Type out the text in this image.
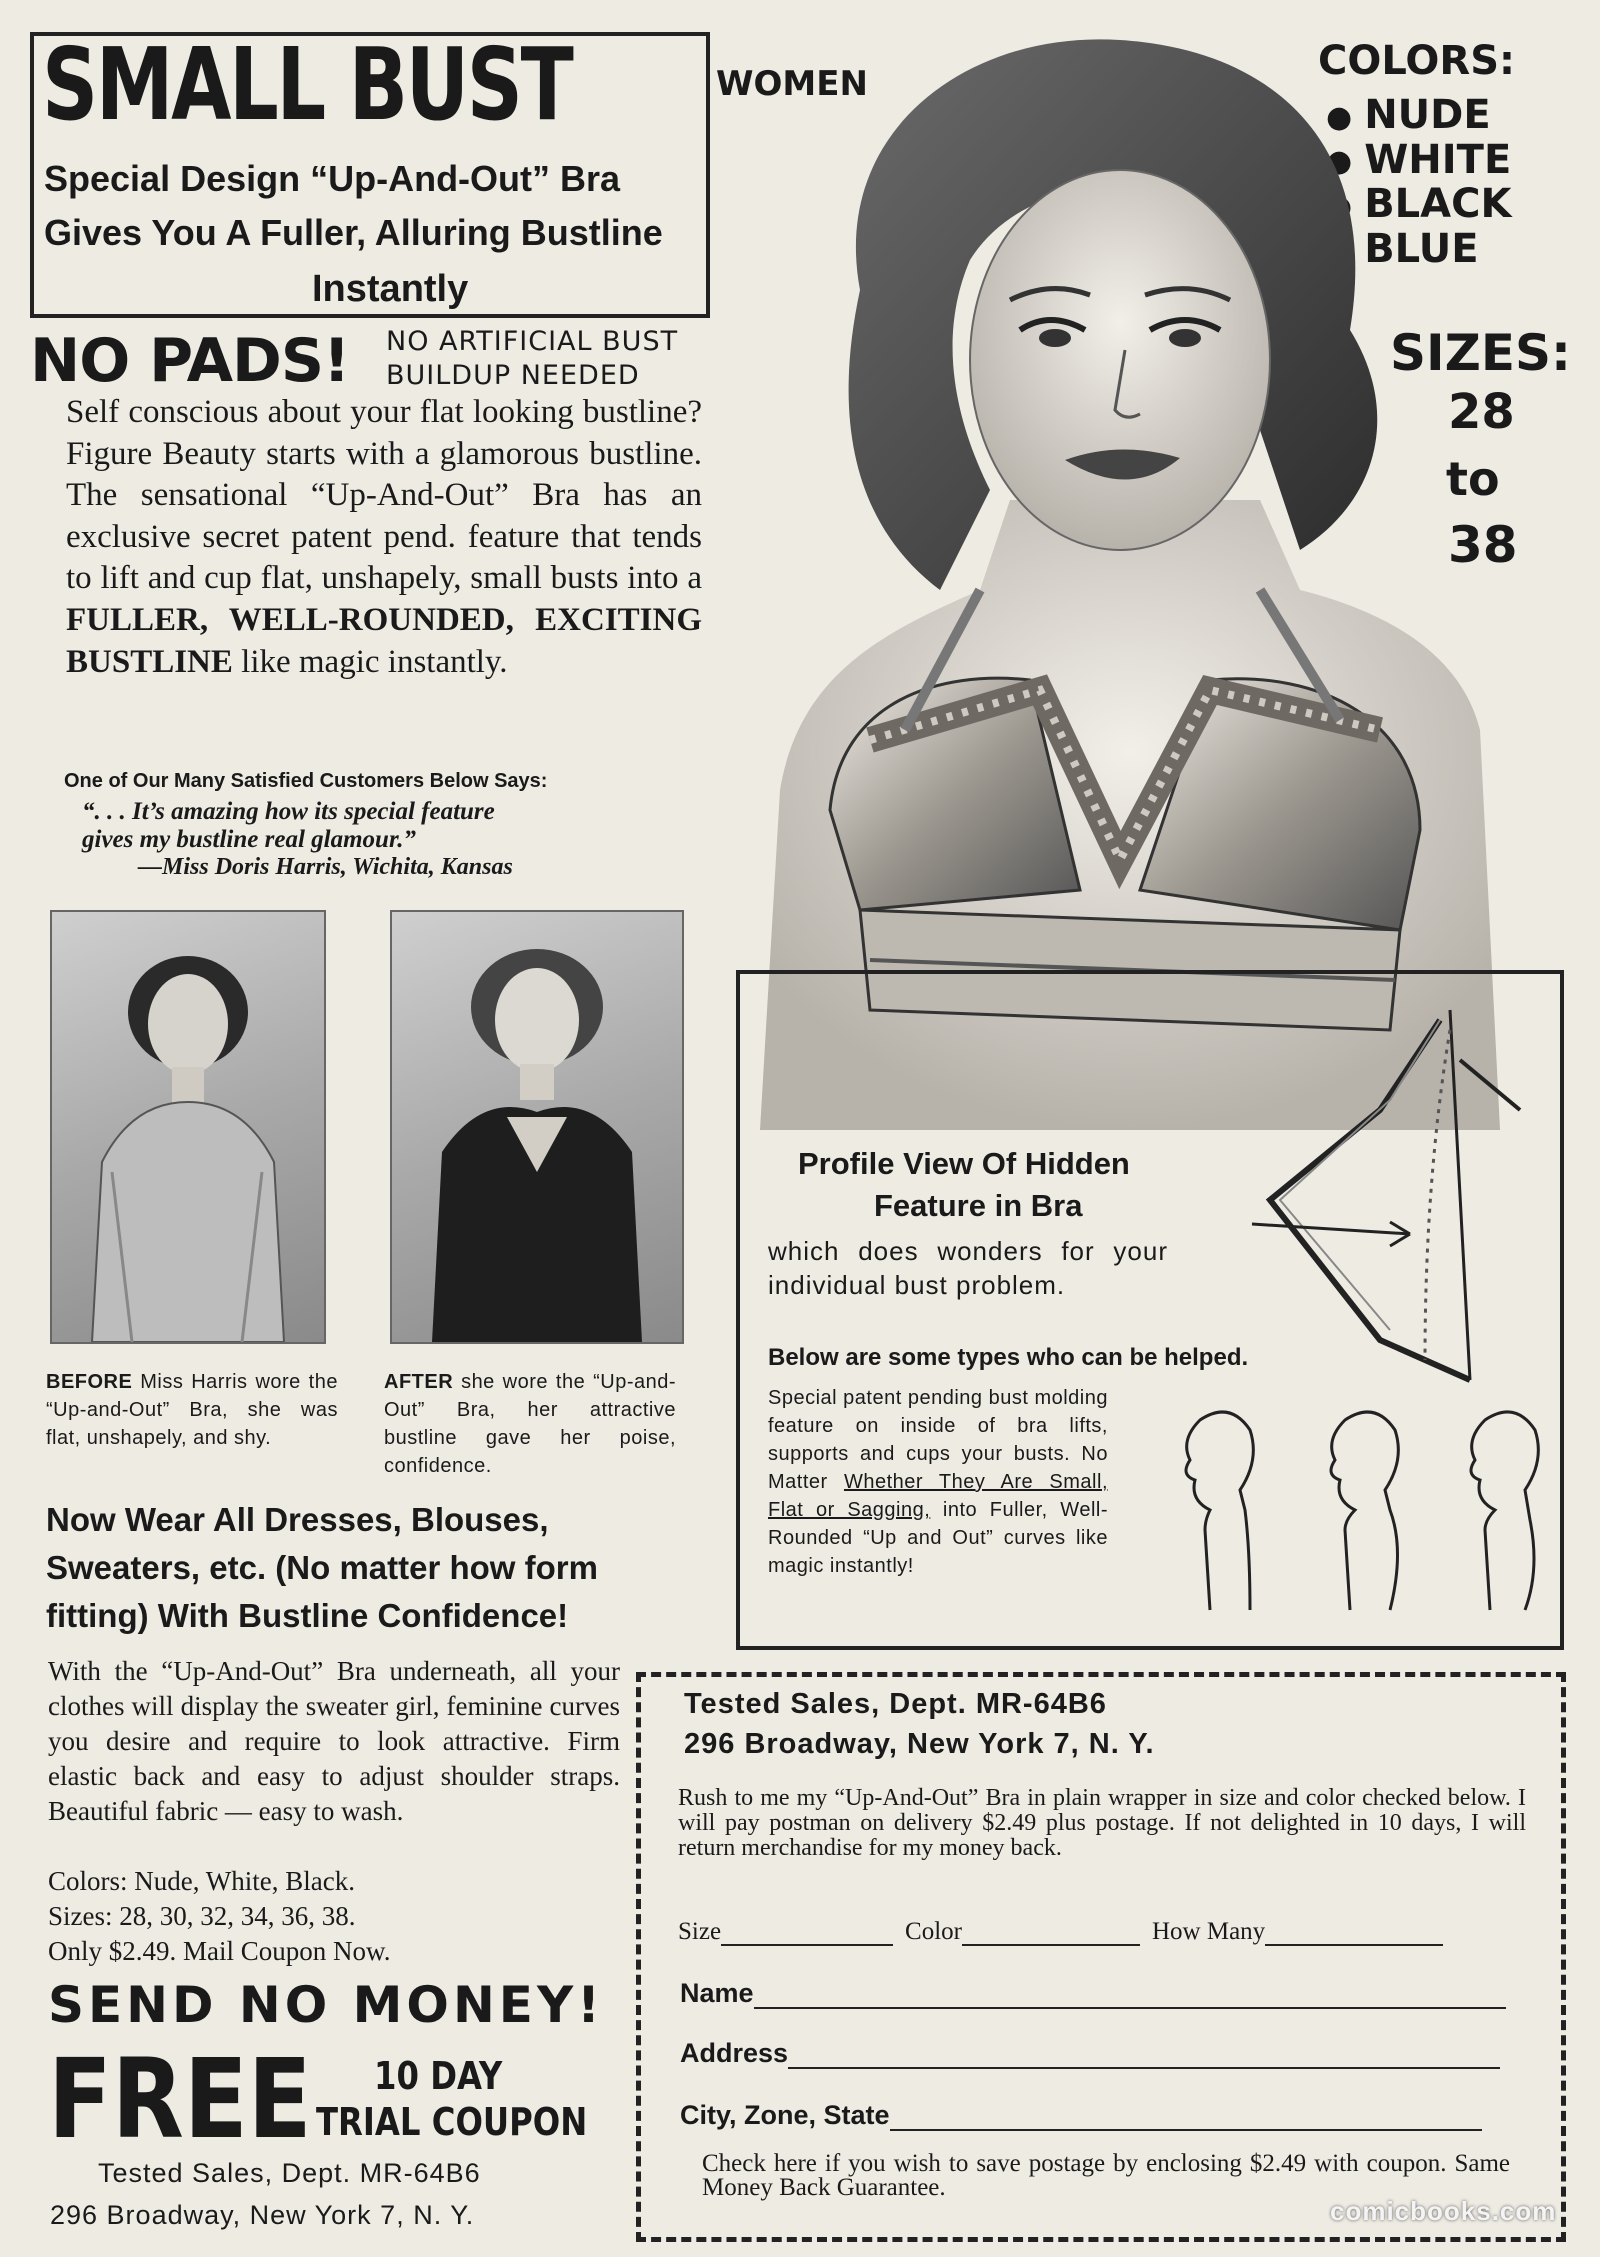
SMALL BUST	WOMEN
Special Design “Up-And-Out” Bra
Gives You A Fuller, Alluring Bustline
Instantly
COLORS:
● NUDE
● WHITE
● BLACK
● BLUE
SIZES:
28
to
38
NO PADS! NO ARTIFICIAL BUST
BUILDUP NEEDED
Self conscious about your flat looking bustline? Figure Beauty starts with a glamorous bustline. The sensational “Up-And-Out” Bra has an exclusive secret patent pend. feature that tends to lift and cup flat, unshapely, small busts into a FULLER, WELL-ROUNDED, EXCITING BUSTLINE like magic instantly.
One of Our Many Satisfied Customers Below Says:
“. . . It’s amazing how its special feature
gives my bustline real glamour.”
—Miss Doris Harris, Wichita, Kansas
BEFORE Miss Harris wore the “Up-and-Out” Bra, she was flat, unshapely, and shy.
AFTER she wore the “Up-and-Out” Bra, her attractive bustline gave her poise, confidence.
Now Wear All Dresses, Blouses, Sweaters, etc. (No matter how form fitting) With Bustline Confidence!
With the “Up-And-Out” Bra underneath, all your clothes will display the sweater girl, feminine curves you desire and require to look attractive. Firm elastic back and easy to adjust shoulder straps. Beautiful fabric — easy to wash.
Colors: Nude, White, Black.
Sizes: 28, 30, 32, 34, 36, 38.
Only $2.49. Mail Coupon Now.
SEND NO MONEY!
FREE 10 DAY
TRIAL COUPON
Tested Sales, Dept. MR-64B6
296 Broadway, New York 7, N. Y.
Profile View Of Hidden
Feature in Bra
which does wonders for your individual bust problem.
Below are some types who can be helped.
Special patent pending bust molding feature on inside of bra lifts, supports and cups your busts. No Matter Whether They Are Small, Flat or Sagging, into Fuller, Well-Rounded “Up and Out” curves like magic instantly!
Tested Sales, Dept. MR-64B6
296 Broadway, New York 7, N. Y.
Rush to me my “Up-And-Out” Bra in plain wrapper in size and color checked below. I will pay postman on delivery $2.49 plus postage. If not delighted in 10 days, I will return merchandise for my money back.
Size	Color	How Many
Name
Address
City, Zone, State
Check here if you wish to save postage by enclosing $2.49 with coupon. Same Money Back Guarantee.
comicbooks.com
